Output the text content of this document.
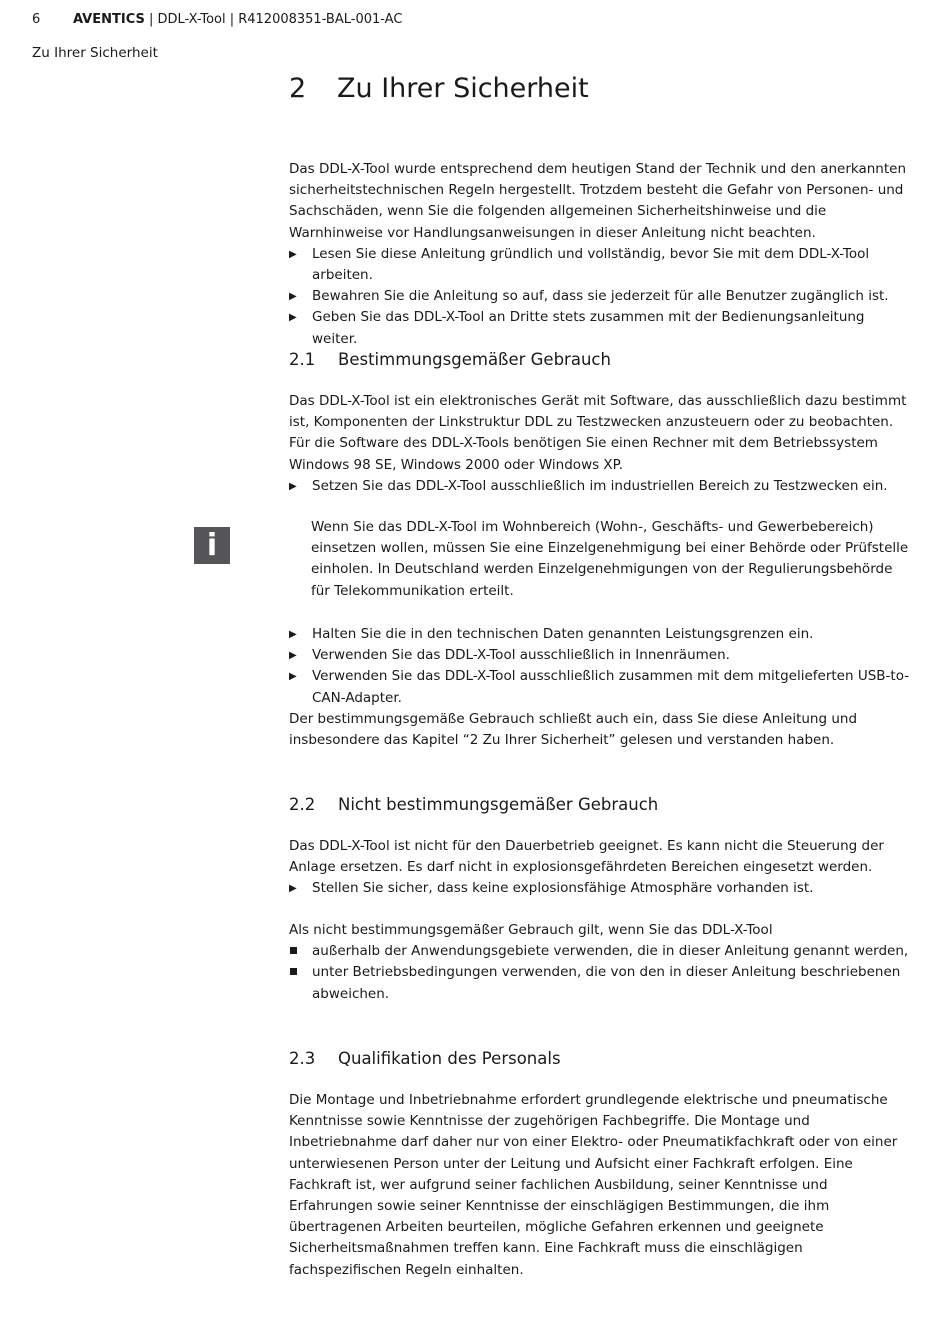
6	AVENTICS | DDL-X-Tool | R412008351-BAL-001-AC
Zu Ihrer Sicherheit
2 Zu Ihrer Sicherheit
Das DDL-X-Tool wurde entsprechend dem heutigen Stand der Technik und den anerkannten sicherheitstechnischen Regeln hergestellt. Trotzdem besteht die Gefahr von Personen- und Sachschäden, wenn Sie die folgenden allgemeinen Sicherheitshinweise und die Warnhinweise vor Handlungsanweisungen in dieser Anleitung nicht beachten.
▶ Lesen Sie diese Anleitung gründlich und vollständig, bevor Sie mit dem DDL-X-Tool arbeiten.
▶ Bewahren Sie die Anleitung so auf, dass sie jederzeit für alle Benutzer zugänglich ist.
▶ Geben Sie das DDL-X-Tool an Dritte stets zusammen mit der Bedienungsanleitung weiter.
2.1 Bestimmungsgemäßer Gebrauch
Das DDL-X-Tool ist ein elektronisches Gerät mit Software, das ausschließlich dazu bestimmt ist, Komponenten der Linkstruktur DDL zu Testzwecken anzusteuern oder zu beobachten. Für die Software des DDL-X-Tools benötigen Sie einen Rechner mit dem Betriebssystem Windows 98 SE, Windows 2000 oder Windows XP.
▶ Setzen Sie das DDL-X-Tool ausschließlich im industriellen Bereich zu Testzwecken ein.
i
Wenn Sie das DDL-X-Tool im Wohnbereich (Wohn-, Geschäfts- und Gewerbebereich) einsetzen wollen, müssen Sie eine Einzelgenehmigung bei einer Behörde oder Prüfstelle einholen. In Deutschland werden Einzelgenehmigungen von der Regulierungsbehörde für Telekommunikation erteilt.
▶ Halten Sie die in den technischen Daten genannten Leistungsgrenzen ein.
▶ Verwenden Sie das DDL-X-Tool ausschließlich in Innenräumen.
▶ Verwenden Sie das DDL-X-Tool ausschließlich zusammen mit dem mitgelieferten USB-to-CAN-Adapter.
Der bestimmungsgemäße Gebrauch schließt auch ein, dass Sie diese Anleitung und insbesondere das Kapitel “2 Zu Ihrer Sicherheit” gelesen und verstanden haben.
2.2 Nicht bestimmungsgemäßer Gebrauch
Das DDL-X-Tool ist nicht für den Dauerbetrieb geeignet. Es kann nicht die Steuerung der Anlage ersetzen. Es darf nicht in explosionsgefährdeten Bereichen eingesetzt werden.
▶ Stellen Sie sicher, dass keine explosionsfähige Atmosphäre vorhanden ist.
Als nicht bestimmungsgemäßer Gebrauch gilt, wenn Sie das DDL-X-Tool
außerhalb der Anwendungsgebiete verwenden, die in dieser Anleitung genannt werden,
unter Betriebsbedingungen verwenden, die von den in dieser Anleitung beschriebenen abweichen.
2.3 Qualifikation des Personals
Die Montage und Inbetriebnahme erfordert grundlegende elektrische und pneumatische Kenntnisse sowie Kenntnisse der zugehörigen Fachbegriffe. Die Montage und Inbetriebnahme darf daher nur von einer Elektro- oder Pneumatikfachkraft oder von einer unterwiesenen Person unter der Leitung und Aufsicht einer Fachkraft erfolgen. Eine Fachkraft ist, wer aufgrund seiner fachlichen Ausbildung, seiner Kenntnisse und Erfahrungen sowie seiner Kenntnisse der einschlägigen Bestimmungen, die ihm übertragenen Arbeiten beurteilen, mögliche Gefahren erkennen und geeignete Sicherheitsmaßnahmen treffen kann. Eine Fachkraft muss die einschlägigen fachspezifischen Regeln einhalten.
